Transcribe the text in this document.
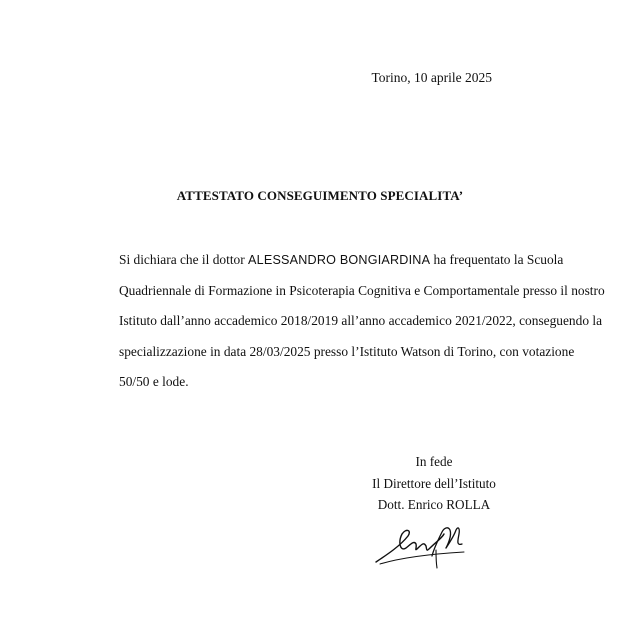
Torino, 10 aprile 2025
ATTESTATO CONSEGUIMENTO SPECIALITA’
Si dichiara che il dottor ALESSANDRO BONGIARDINA ha frequentato la Scuola
Quadriennale di Formazione in Psicoterapia Cognitiva e Comportamentale presso il nostro
Istituto dall’anno accademico 2018/2019 all’anno accademico 2021/2022, conseguendo la
specializzazione in data 28/03/2025 presso l’Istituto Watson di Torino, con votazione
50/50 e lode.
In fede
Il Direttore dell’Istituto
Dott. Enrico ROLLA
